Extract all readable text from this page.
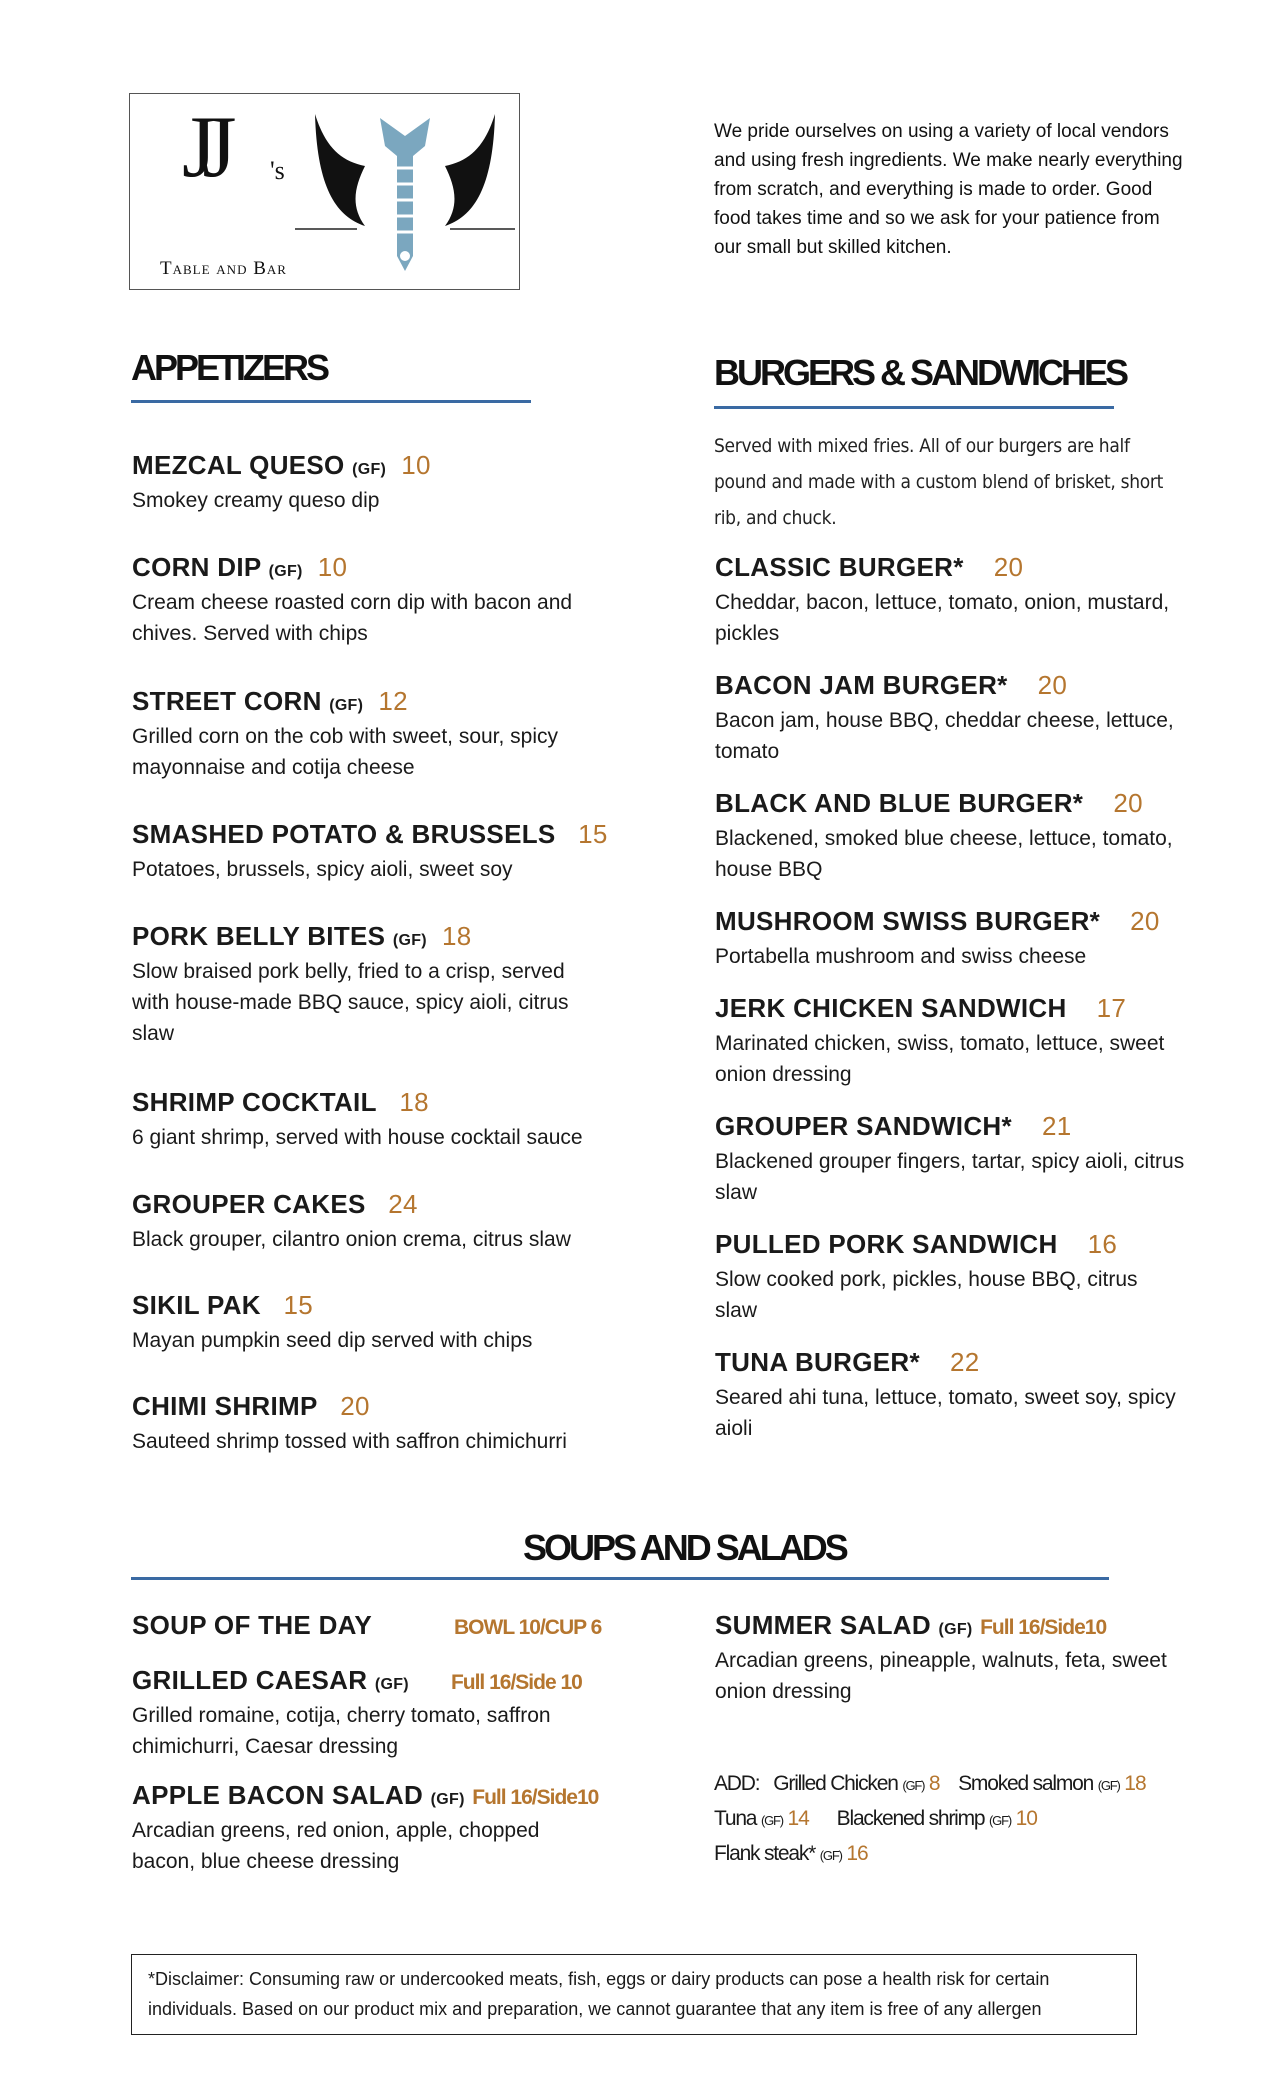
JJ 's
Table and Bar
We pride ourselves on using a variety of local vendors and using fresh ingredients. We make nearly everything from scratch, and everything is made to order. Good food takes time and so we ask for your patience from our small but skilled kitchen.
APPETIZERS
MEZCAL QUESO (GF) 10
Smokey creamy queso dip
CORN DIP (GF) 10
Cream cheese roasted corn dip with bacon and chives. Served with chips
STREET CORN (GF) 12
Grilled corn on the cob with sweet, sour, spicy mayonnaise and cotija cheese
SMASHED POTATO & BRUSSELS 15
Potatoes, brussels, spicy aioli, sweet soy
PORK BELLY BITES (GF) 18
Slow braised pork belly, fried to a crisp, served with house-made BBQ sauce, spicy aioli, citrus slaw
SHRIMP COCKTAIL 18
6 giant shrimp, served with house cocktail sauce
GROUPER CAKES 24
Black grouper, cilantro onion crema, citrus slaw
SIKIL PAK 15
Mayan pumpkin seed dip served with chips
CHIMI SHRIMP 20
Sauteed shrimp tossed with saffron chimichurri
BURGERS & SANDWICHES
Served with mixed fries. All of our burgers are half pound and made with a custom blend of brisket, short rib, and chuck.
CLASSIC BURGER* 20
Cheddar, bacon, lettuce, tomato, onion, mustard, pickles
BACON JAM BURGER* 20
Bacon jam, house BBQ, cheddar cheese, lettuce, tomato
BLACK AND BLUE BURGER* 20
Blackened, smoked blue cheese, lettuce, tomato, house BBQ
MUSHROOM SWISS BURGER* 20
Portabella mushroom and swiss cheese
JERK CHICKEN SANDWICH 17
Marinated chicken, swiss, tomato, lettuce, sweet onion dressing
GROUPER SANDWICH* 21
Blackened grouper fingers, tartar, spicy aioli, citrus slaw
PULLED PORK SANDWICH 16
Slow cooked pork, pickles, house BBQ, citrus slaw
TUNA BURGER* 22
Seared ahi tuna, lettuce, tomato, sweet soy, spicy aioli
SOUPS AND SALADS
SOUP OF THE DAY	BOWL 10/CUP 6
GRILLED CAESAR (GF) Full 16/Side 10
Grilled romaine, cotija, cherry tomato, saffron chimichurri, Caesar dressing
APPLE BACON SALAD (GF) Full 16/Side10
Arcadian greens, red onion, apple, chopped bacon, blue cheese dressing
SUMMER SALAD (GF) Full 16/Side10
Arcadian greens, pineapple, walnuts, feta, sweet onion dressing
ADD: Grilled Chicken (GF) 8 Smoked salmon (GF) 18
Tuna (GF) 14 Blackened shrimp (GF) 10
Flank steak* (GF) 16
*Disclaimer: Consuming raw or undercooked meats, fish, eggs or dairy products can pose a health risk for certain individuals. Based on our product mix and preparation, we cannot guarantee that any item is free of any allergen
